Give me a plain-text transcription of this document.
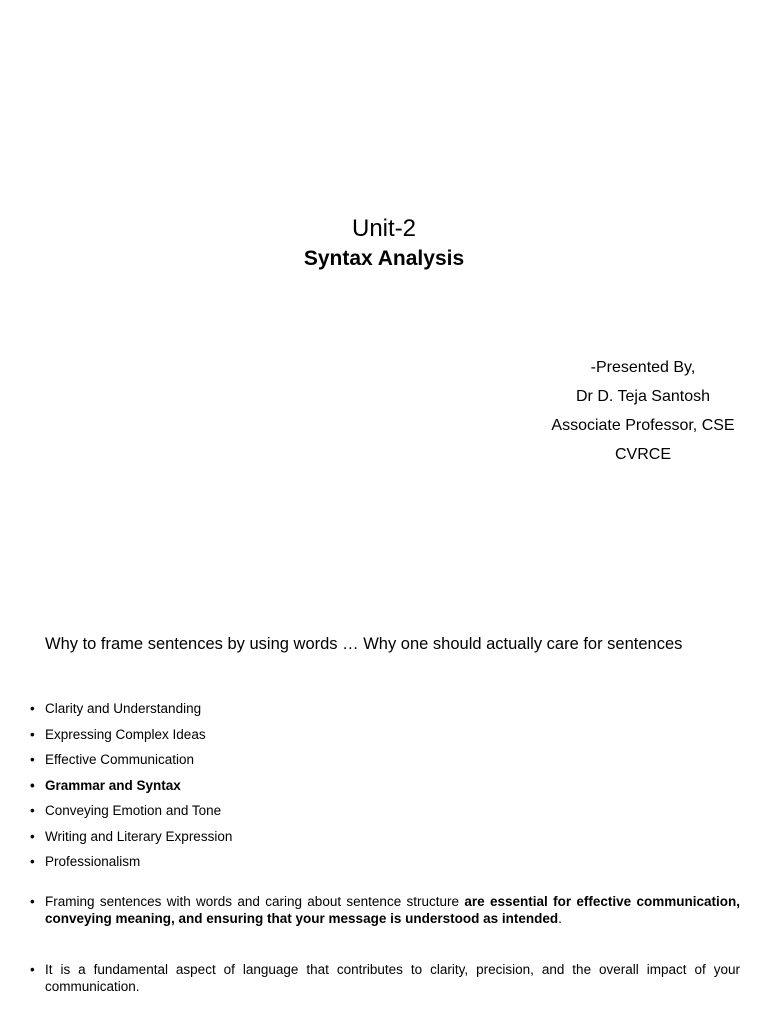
Unit-2
Syntax Analysis
-Presented By,
Dr D. Teja Santosh
Associate Professor, CSE
CVRCE
Why to frame sentences by using words … Why one should actually care for sentences
• Clarity and Understanding
• Expressing Complex Ideas
• Effective Communication
• Grammar and Syntax
• Conveying Emotion and Tone
• Writing and Literary Expression
• Professionalism
• Framing sentences with words and caring about sentence structure are essential for effective communication, conveying meaning, and ensuring that your message is understood as intended.
• It is a fundamental aspect of language that contributes to clarity, precision, and the overall impact of your communication.
